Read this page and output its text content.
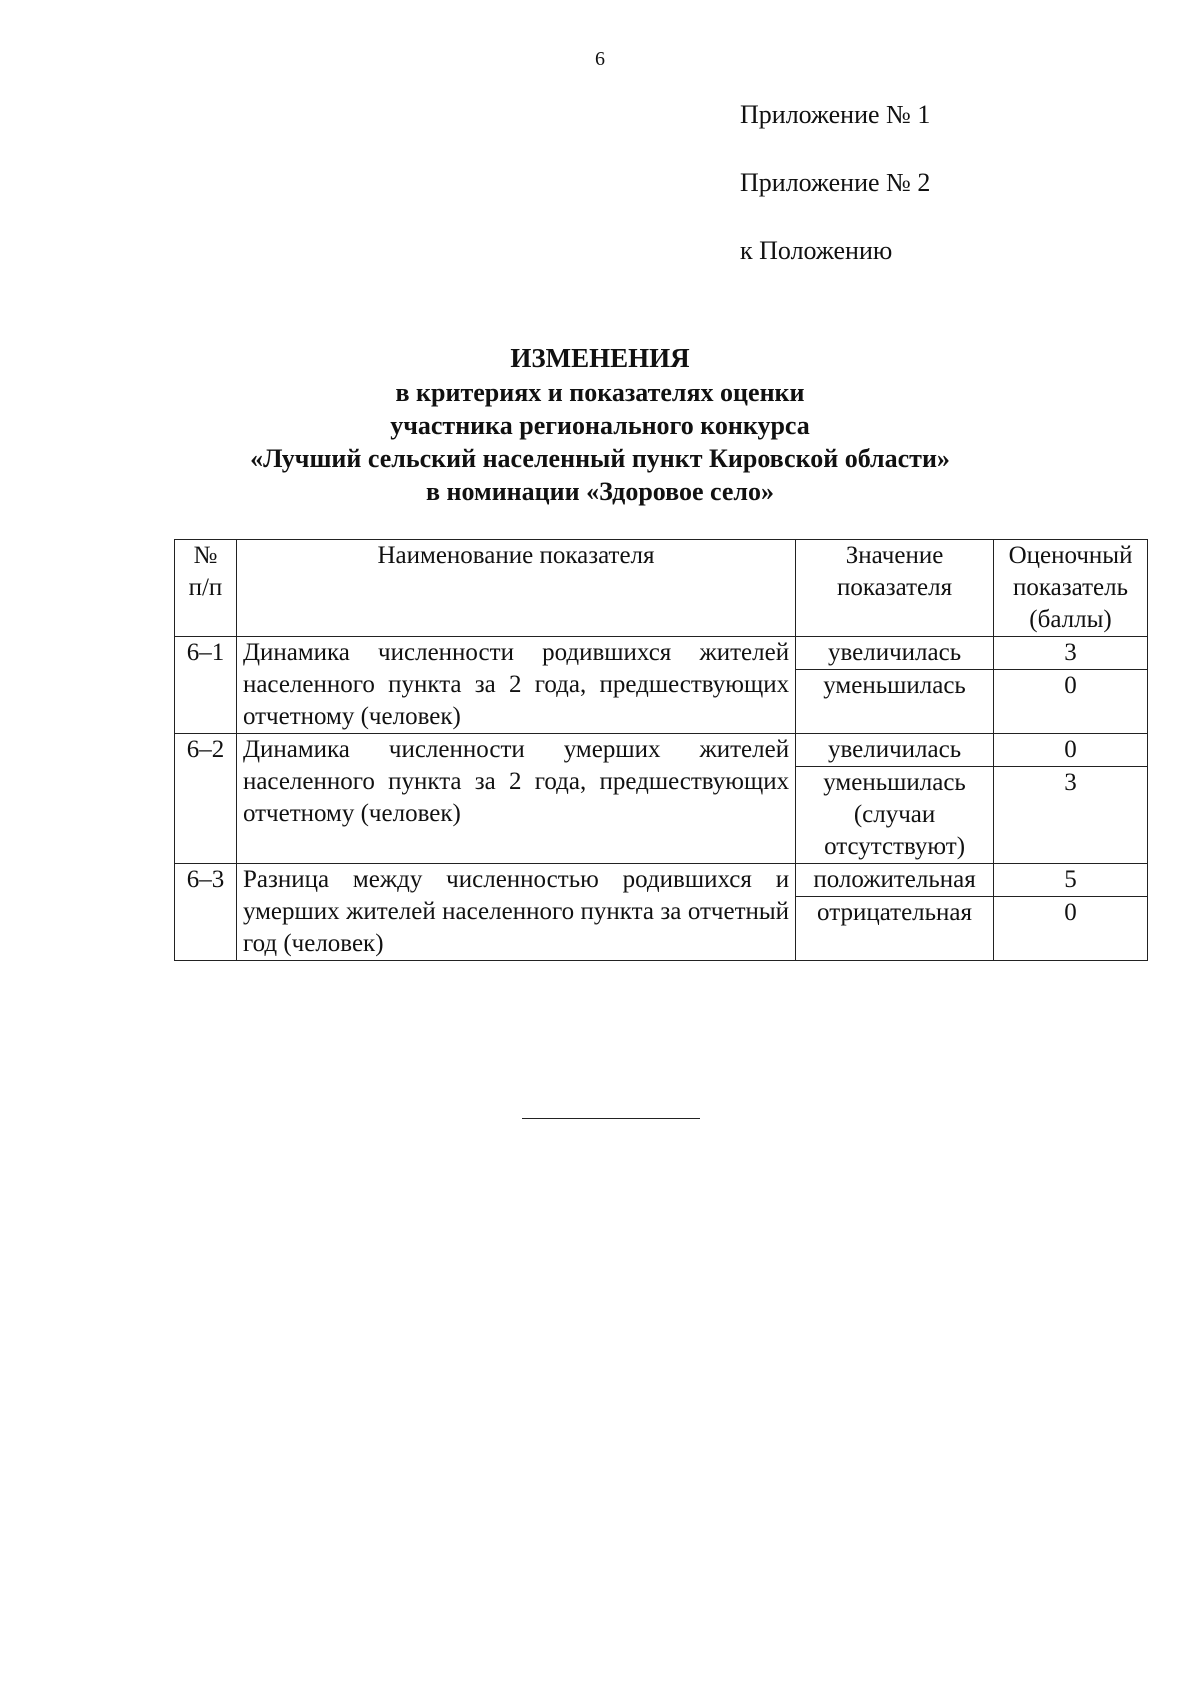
6
Приложение № 1
Приложение № 2
к Положению
ИЗМЕНЕНИЯ
в критериях и показателях оценки
участника регионального конкурса
«Лучший сельский населенный пункт Кировской области»
в номинации «Здоровое село»
№ п/п	Наименование показателя	Значение показателя	Оценочный показатель (баллы)
6–1	Динамика численности родившихся жителей населенного пункта за 2 года, предшествующих отчетному (человек)	увеличилась	3
		уменьшилась	0
6–2	Динамика численности умерших жителей населенного пункта за 2 года, предшествующих отчетному (человек)	увеличилась	0
		уменьшилась (случаи отсутствуют)	3
6–3	Разница между численностью родившихся и умерших жителей населенного пункта за отчетный год (человек)	положительная	5
		отрицательная	0
